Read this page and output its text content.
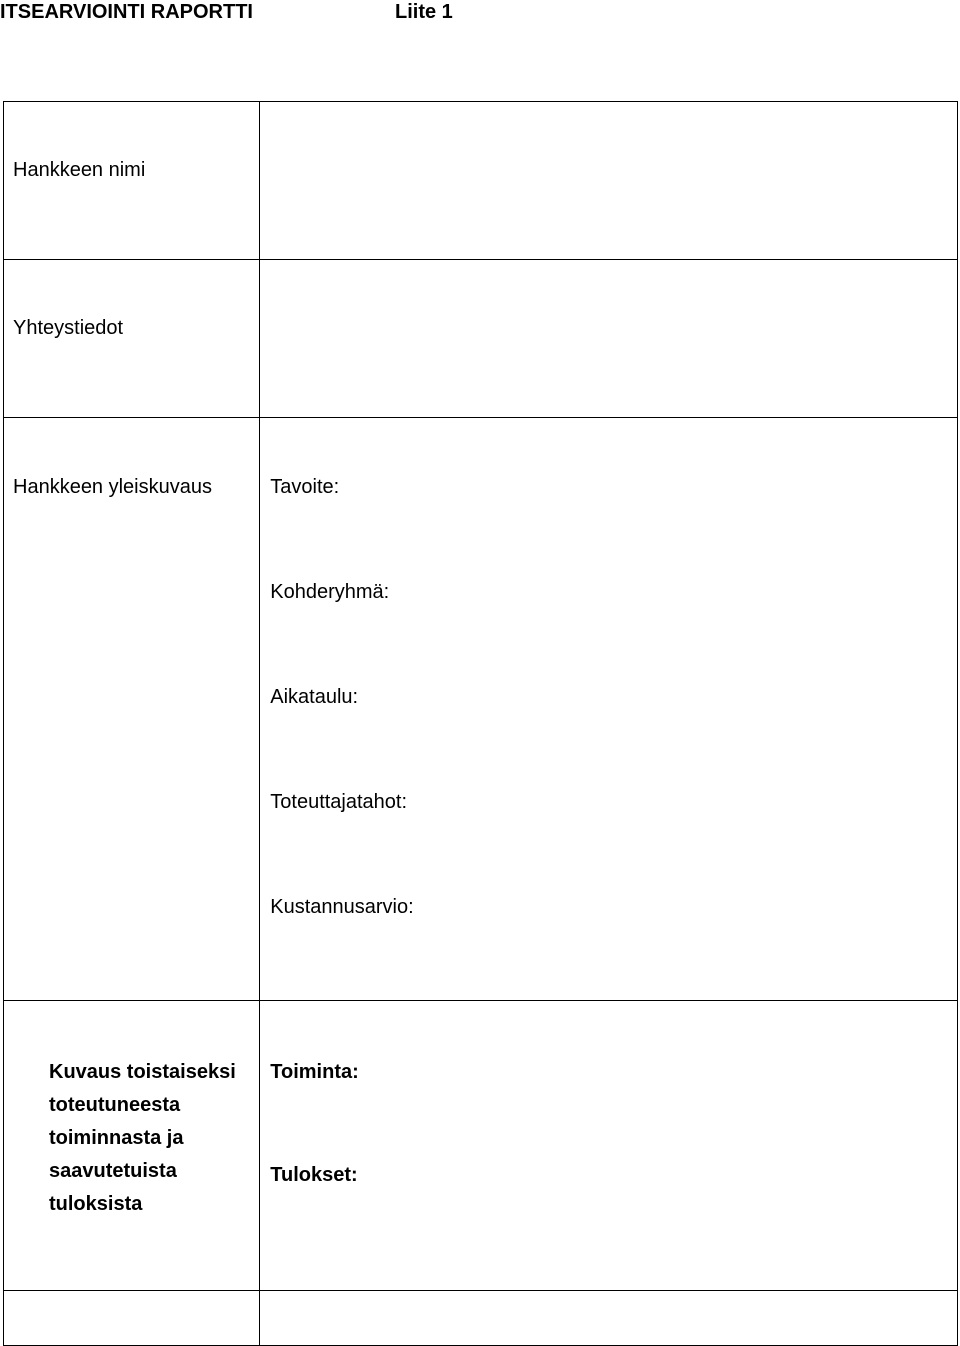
ITSEARVIOINTI RAPORTTI	Liite 1
Hankkeen nimi	

Yhteystiedot	

Hankkeen yleiskuvaus	Tavoite:
Kohderyhmä:
Aikataulu:
Toteuttajatahot:
Kustannusarvio:

Kuvaus toistaiseksi toteutuneesta toiminnasta ja saavutetuista tuloksista	Toiminta:
Tulokset:
